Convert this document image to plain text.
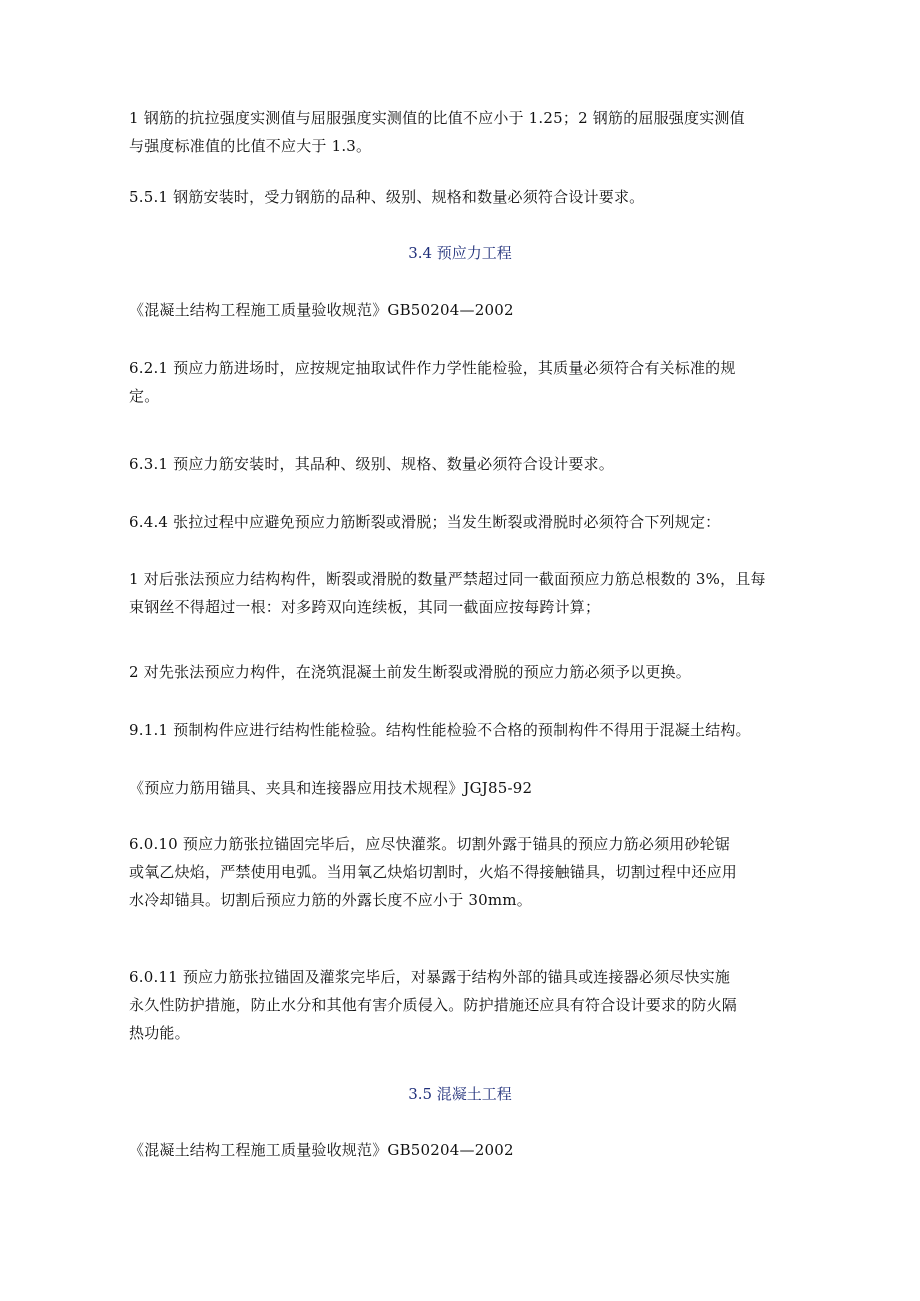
1 钢筋的抗拉强度实测值与屈服强度实测值的比值不应小于 1.25；2 钢筋的屈服强度实测值
与强度标准值的比值不应大于 1.3。
5.5.1 钢筋安装时，受力钢筋的品种、级别、规格和数量必须符合设计要求。
3.4 预应力工程
《混凝土结构工程施工质量验收规范》GB50204—2002
6.2.1 预应力筋进场时，应按规定抽取试件作力学性能检验，其质量必须符合有关标准的规
定。
6.3.1 预应力筋安装时，其品种、级别、规格、数量必须符合设计要求。
6.4.4 张拉过程中应避免预应力筋断裂或滑脱；当发生断裂或滑脱时必须符合下列规定：
1 对后张法预应力结构构件，断裂或滑脱的数量严禁超过同一截面预应力筋总根数的 3%，且每
束钢丝不得超过一根：对多跨双向连续板，其同一截面应按每跨计算；
2 对先张法预应力构件，在浇筑混凝土前发生断裂或滑脱的预应力筋必须予以更换。
9.1.1 预制构件应进行结构性能检验。结构性能检验不合格的预制构件不得用于混凝土结构。
《预应力筋用锚具、夹具和连接器应用技术规程》JGJ85-92
6.0.10 预应力筋张拉锚固完毕后，应尽快灌浆。切割外露于锚具的预应力筋必须用砂轮锯
或氧乙炔焰，严禁使用电弧。当用氧乙炔焰切割时，火焰不得接触锚具，切割过程中还应用
水冷却锚具。切割后预应力筋的外露长度不应小于 30mm。
6.0.11 预应力筋张拉锚固及灌浆完毕后，对暴露于结构外部的锚具或连接器必须尽快实施
永久性防护措施，防止水分和其他有害介质侵入。防护措施还应具有符合设计要求的防火隔
热功能。
3.5 混凝土工程
《混凝土结构工程施工质量验收规范》GB50204—2002
